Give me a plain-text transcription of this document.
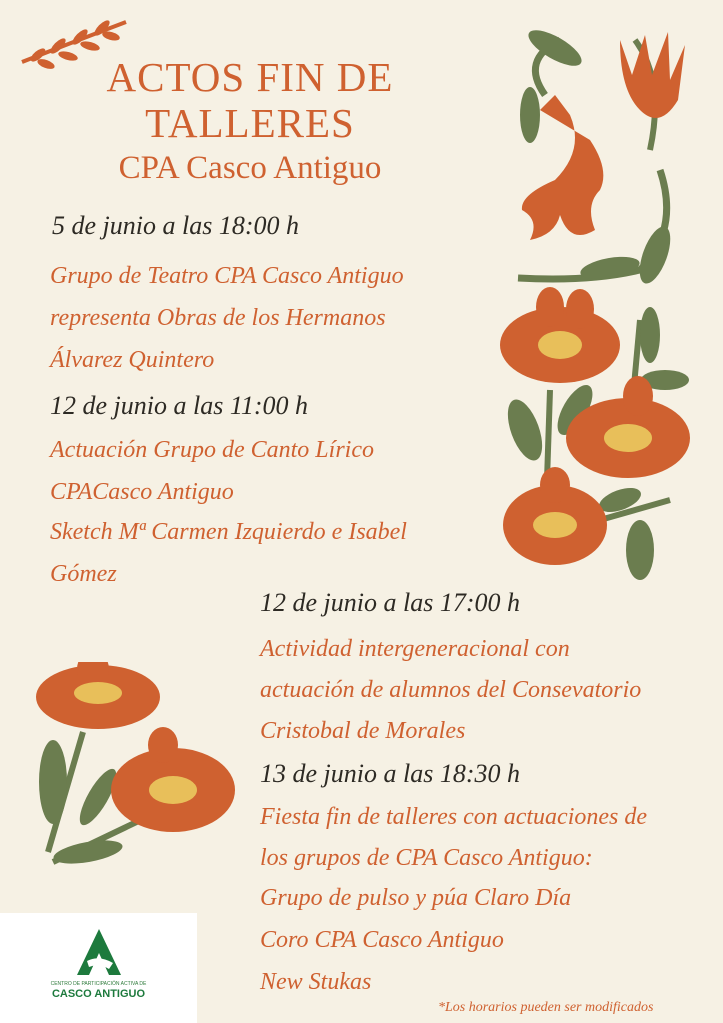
ACTOS FIN DE
TALLERES
CPA Casco Antiguo
5 de junio a las 18:00 h
Grupo de Teatro CPA Casco Antiguo
representa Obras de los Hermanos
Álvarez Quintero
12 de junio a las 11:00 h
Actuación Grupo de Canto Lírico
CPACasco Antiguo
Sketch Mª Carmen Izquierdo e Isabel
Gómez
12 de junio a las 17:00 h
Actividad intergeneracional con
actuación de alumnos del Consevatorio
Cristobal de Morales
13 de junio a las 18:30 h
Fiesta fin de talleres con actuaciones de
los grupos de CPA Casco Antiguo:
Grupo de pulso y púa Claro Día
Coro CPA Casco Antiguo
New Stukas
*Los horarios pueden ser modificados
CENTRO DE PARTICIPACIÓN ACTIVA DE
CASCO ANTIGUO
